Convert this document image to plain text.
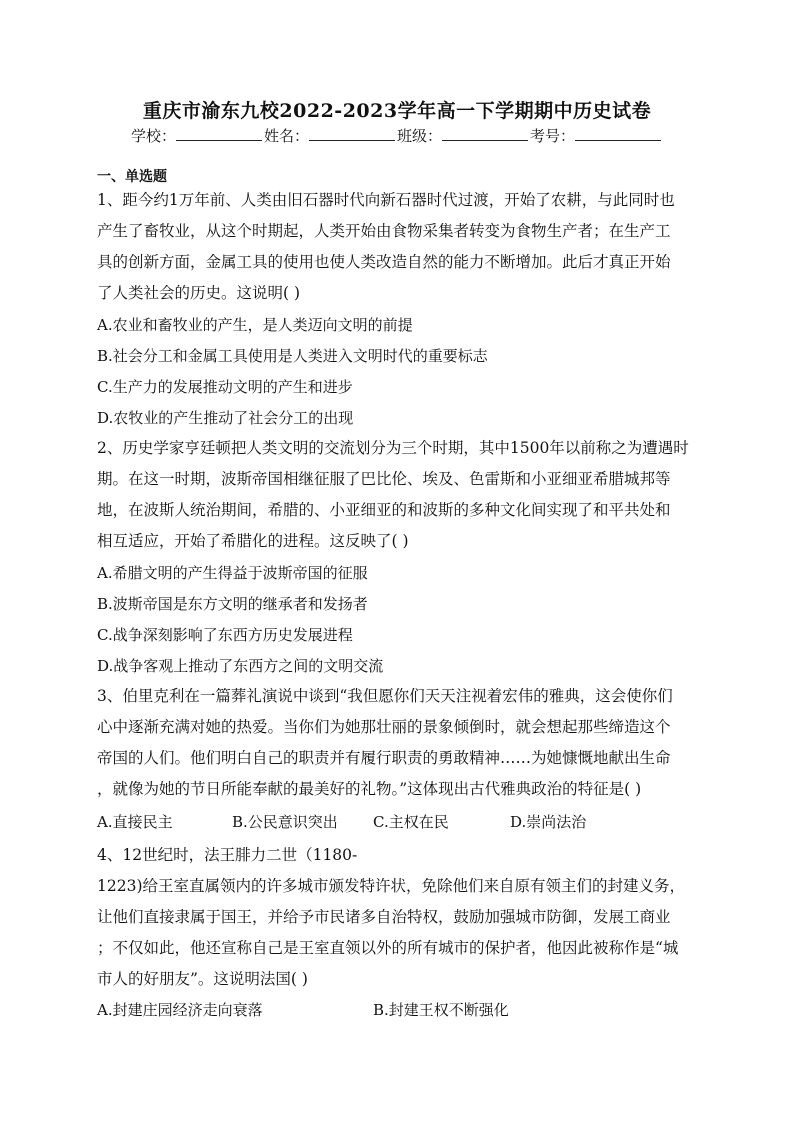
重庆市渝东九校2022-2023学年高一下学期期中历史试卷
学校：	姓名：	班级：	考号：
一、单选题
1、距今约1万年前、人类由旧石器时代向新石器时代过渡，开始了农耕，与此同时也
产生了畜牧业，从这个时期起，人类开始由食物采集者转变为食物生产者；在生产工
具的创新方面，金属工具的使用也使人类改造自然的能力不断增加。此后才真正开始
了人类社会的历史。这说明( )
A.农业和畜牧业的产生，是人类迈向文明的前提
B.社会分工和金属工具使用是人类进入文明时代的重要标志
C.生产力的发展推动文明的产生和进步
D.农牧业的产生推动了社会分工的出现
2、历史学家亨廷顿把人类文明的交流划分为三个时期，其中1500年以前称之为遭遇时
期。在这一时期，波斯帝国相继征服了巴比伦、埃及、色雷斯和小亚细亚希腊城邦等
地，在波斯人统治期间，希腊的、小亚细亚的和波斯的多种文化间实现了和平共处和
相互适应，开始了希腊化的进程。这反映了( )
A.希腊文明的产生得益于波斯帝国的征服
B.波斯帝国是东方文明的继承者和发扬者
C.战争深刻影响了东西方历史发展进程
D.战争客观上推动了东西方之间的文明交流
3、伯里克利在一篇葬礼演说中谈到“我但愿你们天天注视着宏伟的雅典，这会使你们
心中逐渐充满对她的热爱。当你们为她那壮丽的景象倾倒时，就会想起那些缔造这个
帝国的人们。他们明白自己的职责并有履行职责的勇敢精神……为她慷慨地献出生命
，就像为她的节日所能奉献的最美好的礼物。”这体现出古代雅典政治的特征是( )
A.直接民主	B.公民意识突出 C.主权在民	D.崇尚法治
4、12世纪时，法王腓力二世（1180-
1223)给王室直属领内的许多城市颁发特许状，免除他们来自原有领主们的封建义务，
让他们直接隶属于国王，并给予市民诸多自治特权，鼓励加强城市防御，发展工商业
；不仅如此，他还宣称自己是王室直领以外的所有城市的保护者，他因此被称作是“城
市人的好朋友”。这说明法国( )
A.封建庄园经济走向衰落	B.封建王权不断强化
